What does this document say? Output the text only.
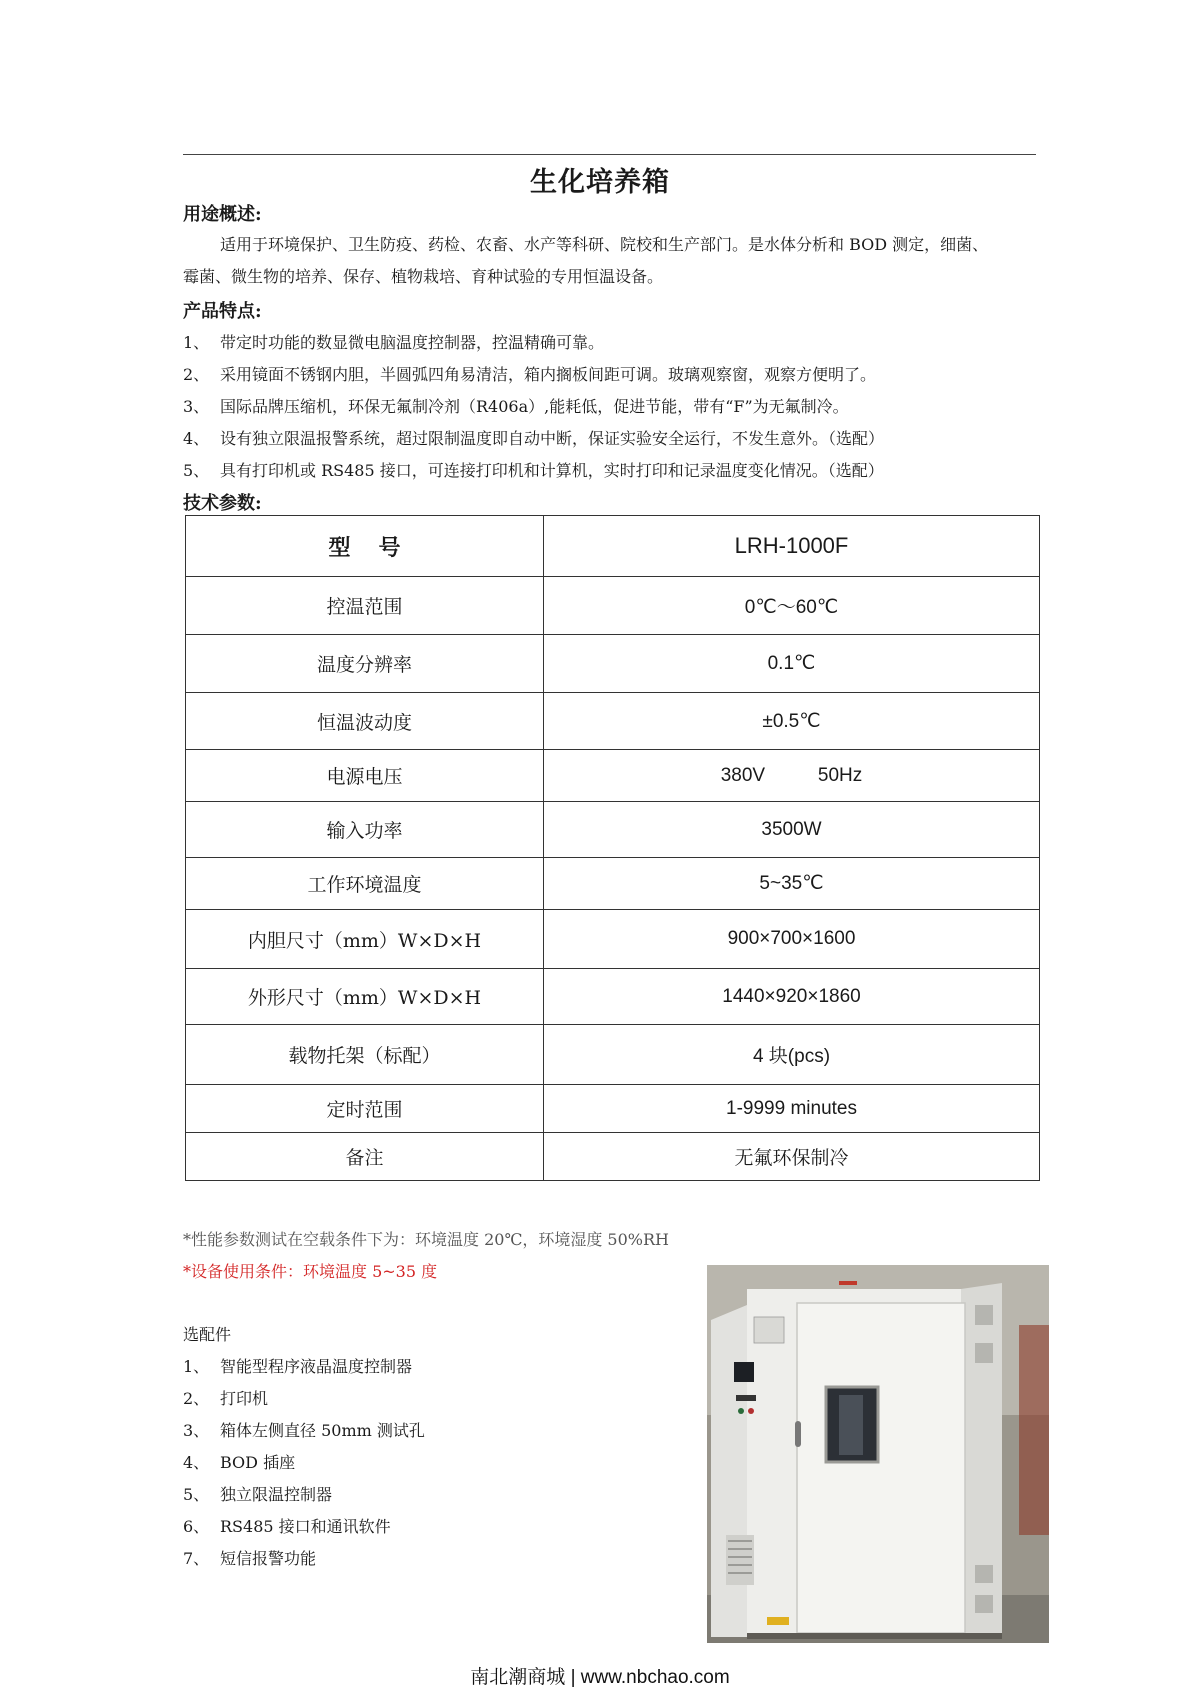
生化培养箱
用途概述:
适用于环境保护、卫生防疫、药检、农畜、水产等科研、院校和生产部门。是水体分析和 BOD 测定，细菌、
霉菌、微生物的培养、保存、植物栽培、育种试验的专用恒温设备。
产品特点:
1、 带定时功能的数显微电脑温度控制器，控温精确可靠。
2、 采用镜面不锈钢内胆，半圆弧四角易清洁，箱内搁板间距可调。玻璃观察窗，观察方便明了。
3、 国际品牌压缩机，环保无氟制冷剂（R406a）,能耗低，促进节能，带有“F”为无氟制冷。
4、 设有独立限温报警系统，超过限制温度即自动中断，保证实验安全运行，不发生意外。（选配）
5、 具有打印机或 RS485 接口，可连接打印机和计算机，实时打印和记录温度变化情况。（选配）
技术参数:
型号	LRH-1000F
控温范围	0℃～60℃
温度分辨率	0.1℃
恒温波动度	±0.5℃
电源电压	380V          50Hz
输入功率	3500W
工作环境温度	5~35℃
内胆尺寸（mm）W×D×H	900×700×1600
外形尺寸（mm）W×D×H	1440×920×1860
载物托架（标配）	4 块(pcs)
定时范围	1-9999 minutes
备注	无氟环保制冷
*性能参数测试在空载条件下为：环境温度 20℃，环境湿度 50%RH
*设备使用条件：环境温度 5~35 度
选配件
1、 智能型程序液晶温度控制器
2、 打印机
3、 箱体左侧直径 50mm 测试孔
4、 BOD 插座
5、 独立限温控制器
6、 RS485 接口和通讯软件
7、 短信报警功能
南北潮商城 | www.nbchao.com
